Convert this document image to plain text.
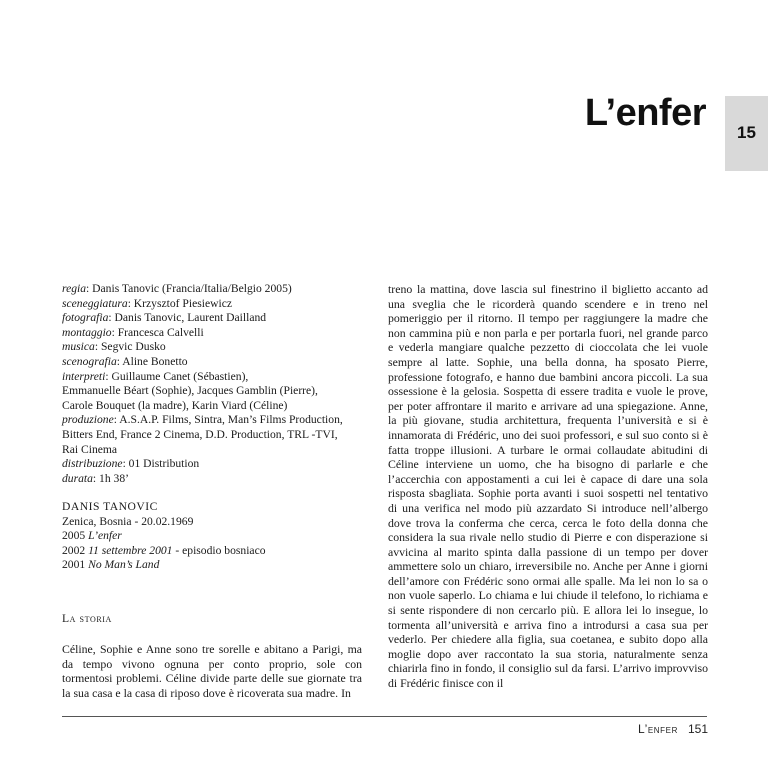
L’enfer	15
regia: Danis Tanovic (Francia/Italia/Belgio 2005)
sceneggiatura: Krzysztof Piesiewicz
fotografia: Danis Tanovic, Laurent Dailland
montaggio: Francesca Calvelli
musica: Segvic Dusko
scenografia: Aline Bonetto
interpreti: Guillaume Canet (Sébastien),
Emmanuelle Béart (Sophie), Jacques Gamblin (Pierre),
Carole Bouquet (la madre), Karin Viard (Céline)
produzione: A.S.A.P. Films, Sintra, Man’s Films Production,
Bitters End, France 2 Cinema, D.D. Production, TRL -TVI,
Rai Cinema
distribuzione: 01 Distribution
durata: 1h 38’
DANIS TANOVIC
Zenica, Bosnia - 20.02.1969
2005 L’enfer
2002 11 settembre 2001 - episodio bosniaco
2001 No Man’s Land
La storia
Céline, Sophie e Anne sono tre sorelle e abitano a Parigi, ma da tempo vivono ognuna per conto proprio, sole con tormentosi problemi. Céline divide parte delle sue giornate tra la sua casa e la casa di riposo dove è ricoverata sua madre. In
treno la mattina, dove lascia sul finestrino il biglietto accanto ad una sveglia che le ricorderà quando scendere e in treno nel pomeriggio per il ritorno. Il tempo per raggiungere la madre che non cammina più e non parla e per portarla fuori, nel grande parco e vederla mangiare qualche pezzetto di cioccolata che lei vuole sempre al latte. Sophie, una bella donna, ha sposato Pierre, professione fotografo, e hanno due bambini ancora piccoli. La sua ossessione è la gelosia. Sospetta di essere tradita e vuole le prove, per poter affrontare il marito e arrivare ad una spiegazione. Anne, la più giovane, studia architettura, frequenta l’università e si è innamorata di Frédéric, uno dei suoi professori, e sul suo conto si è fatta troppe illusioni. A turbare le ormai collaudate abitudini di Céline interviene un uomo, che ha bisogno di parlarle e che l’accerchia con appostamenti a cui lei è capace di dare una sola risposta sbagliata. Sophie porta avanti i suoi sospetti nel tentativo di una verifica nel modo più azzardato Si introduce nell’albergo dove trova la conferma che cerca, cerca le foto della donna che considera la sua rivale nello studio di Pierre e con disperazione si avvicina al marito spinta dalla passione di un tempo per dover ammettere solo un chiaro, irreversibile no. Anche per Anne i giorni dell’amore con Frédéric sono ormai alle spalle. Ma lei non lo sa o non vuole saperlo. Lo chiama e lui chiude il telefono, lo richiama e si sente rispondere di non cercarlo più. E allora lei lo insegue, lo tormenta all’università e arriva fino a introdursi a casa sua per vederlo. Per chiedere alla figlia, sua coetanea, e subito dopo alla moglie dopo aver raccontato la sua storia, naturalmente senza chiarirla fino in fondo, il consiglio sul da farsi. L’arrivo improvviso di Frédéric finisce con il
L’enfer 151
